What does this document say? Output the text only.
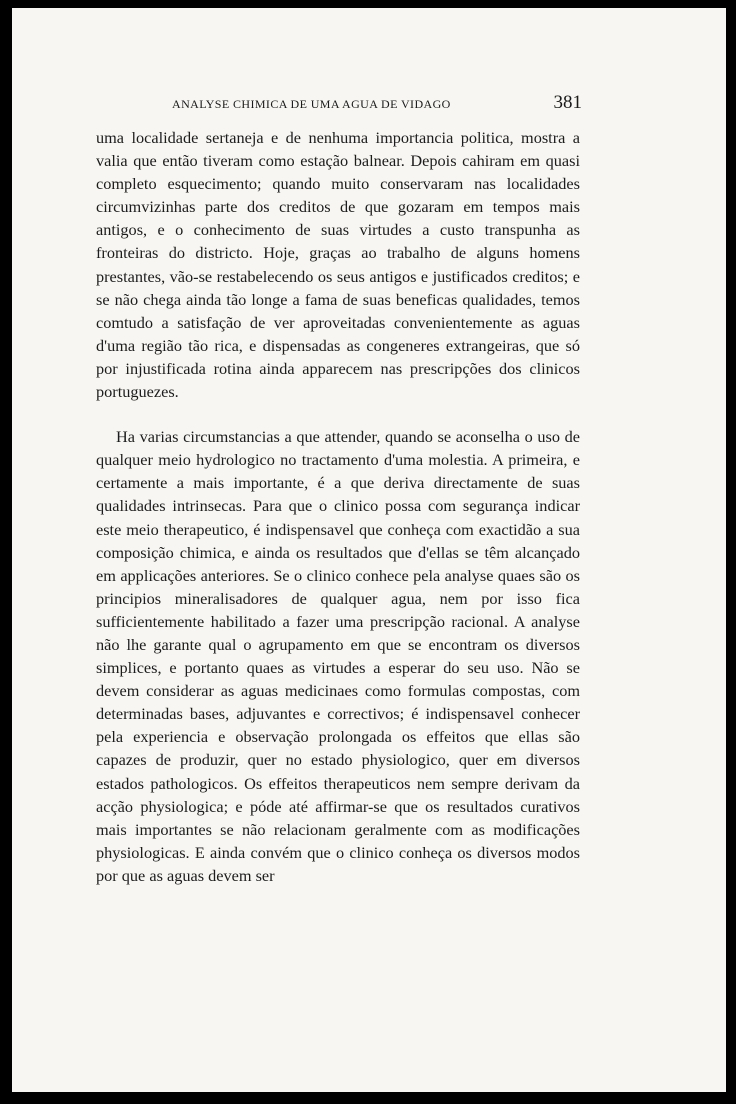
ANALYSE CHIMICA DE UMA AGUA DE VIDAGO	381

uma localidade sertaneja e de nenhuma importancia politica, mostra a valia que então tiveram como estação balnear. Depois cahiram em quasi completo esquecimento; quando muito conservaram nas localidades circumvizinhas parte dos creditos de que gozaram em tempos mais antigos, e o conhecimento de suas virtudes a custo transpunha as fronteiras do districto. Hoje, graças ao trabalho de alguns homens prestantes, vão-se restabelecendo os seus antigos e justificados creditos; e se não chega ainda tão longe a fama de suas beneficas qualidades, temos comtudo a satisfação de ver aproveitadas convenientemente as aguas d'uma região tão rica, e dispensadas as congeneres extrangeiras, que só por injustificada rotina ainda apparecem nas prescripções dos clinicos portuguezes.

Ha varias circumstancias a que attender, quando se aconselha o uso de qualquer meio hydrologico no tractamento d'uma molestia. A primeira, e certamente a mais importante, é a que deriva directamente de suas qualidades intrinsecas. Para que o clinico possa com segurança indicar este meio therapeutico, é indispensavel que conheça com exactidão a sua composição chimica, e ainda os resultados que d'ellas se têm alcançado em applicações anteriores. Se o clinico conhece pela analyse quaes são os principios mineralisadores de qualquer agua, nem por isso fica sufficientemente habilitado a fazer uma prescripção racional. A analyse não lhe garante qual o agrupamento em que se encontram os diversos simplices, e portanto quaes as virtudes a esperar do seu uso. Não se devem considerar as aguas medicinaes como formulas compostas, com determinadas bases, adjuvantes e correctivos; é indispensavel conhecer pela experiencia e observação prolongada os effeitos que ellas são capazes de produzir, quer no estado physiologico, quer em diversos estados pathologicos. Os effeitos therapeuticos nem sempre derivam da acção physiologica; e póde até affirmar-se que os resultados curativos mais importantes se não relacionam geralmente com as modificações physiologicas. E ainda convém que o clinico conheça os diversos modos por que as aguas devem ser
